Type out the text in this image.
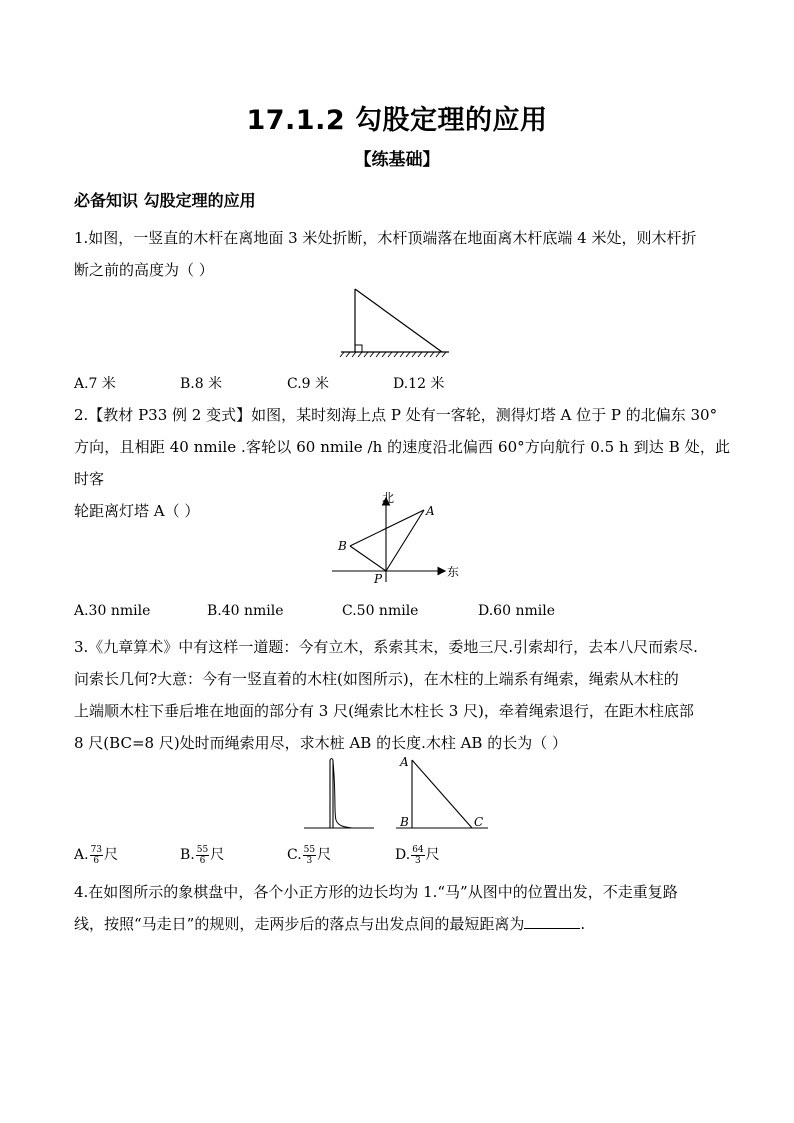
17.1.2 勾股定理的应用
【练基础】
必备知识 勾股定理的应用
1.如图，一竖直的木杆在离地面 3 米处折断，木杆顶端落在地面离木杆底端 4 米处，则木杆折
断之前的高度为（ ）
A.7 米	B.8 米	C.9 米	D.12 米
2.【教材 P33 例 2 变式】如图，某时刻海上点 P 处有一客轮，测得灯塔 A 位于 P 的北偏东 30°
方向，且相距 40 nmile .客轮以 60 nmile /h 的速度沿北偏西 60°方向航行 0.5 h 到达 B 处，此时客
轮距离灯塔 A（ ）
北
东
A
B
P
A.30 nmile	B.40 nmile	C.50 nmile	D.60 nmile
3.《九章算术》中有这样一道题：今有立木，系索其末，委地三尺.引索却行，去本八尺而索尽.
问索长几何?大意：今有一竖直着的木柱(如图所示)，在木柱的上端系有绳索，绳索从木柱的
上端顺木柱下垂后堆在地面的部分有 3 尺(绳索比木柱长 3 尺)，牵着绳索退行，在距木柱底部
8 尺(BC=8 尺)处时而绳索用尽，求木桩 AB 的长度.木柱 AB 的长为（ ）
A
B	C
A. $\frac{73}{6}$ 尺	B. $\frac{55}{6}$ 尺	C. $\frac{55}{3}$ 尺	D. $\frac{64}{3}$ 尺
4.在如图所示的象棋盘中，各个小正方形的边长均为 1.“马”从图中的位置出发，不走重复路
线，按照“马走日”的规则，走两步后的落点与出发点间的最短距离为	.
